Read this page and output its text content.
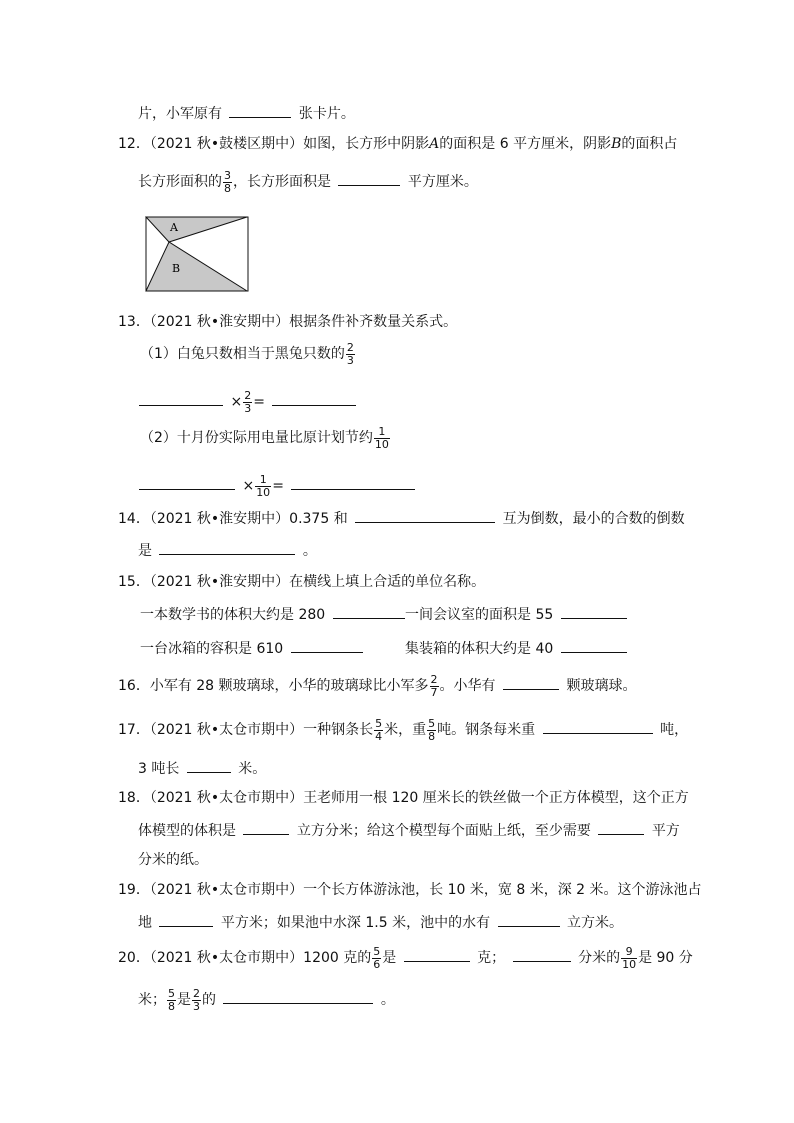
片，小军原有	张卡片。
12．（2021 秋•鼓楼区期中）如图，长方形中阴影A的面积是 6 平方厘米，阴影B的面积占
长方形面积的 $\frac{3}{8}$ ，长方形面积是	平方厘米。
A
B
13．（2021 秋•淮安期中）根据条件补齐数量关系式。
（1）白兔只数相当于黑兔只数的 $\frac{2}{3}$
× $\frac{2}{3}$ =
（2）十月份实际用电量比原计划节约 $\frac{1}{10}$
× $\frac{1}{10}$ =
14．（2021 秋•淮安期中）0.375 和	互为倒数，最小的合数的倒数
是	。
15．（2021 秋•淮安期中）在横线上填上合适的单位名称。
一本数学书的体积大约是 280	一间会议室的面积是 55
一台冰箱的容积是 610	集装箱的体积大约是 40
16．小军有 28 颗玻璃球，小华的玻璃球比小军多 $\frac{2}{7}$ 。小华有	颗玻璃球。
17．（2021 秋•太仓市期中）一种钢条长 $\frac{5}{4}$ 米，重 $\frac{5}{8}$ 吨。钢条每米重	吨，
3 吨长	米。
18．（2021 秋•太仓市期中）王老师用一根 120 厘米长的铁丝做一个正方体模型，这个正方
体模型的体积是	立方分米；给这个模型每个面贴上纸，至少需要	平方
分米的纸。
19．（2021 秋•太仓市期中）一个长方体游泳池，长 10 米，宽 8 米，深 2 米。这个游泳池占
地	平方米；如果池中水深 1.5 米，池中的水有	立方米。
20．（2021 秋•太仓市期中）1200 克的 $\frac{5}{6}$ 是	克；	分米的 $\frac{9}{10}$ 是 90 分
米； $\frac{5}{8}$ 是 $\frac{2}{3}$ 的	。
